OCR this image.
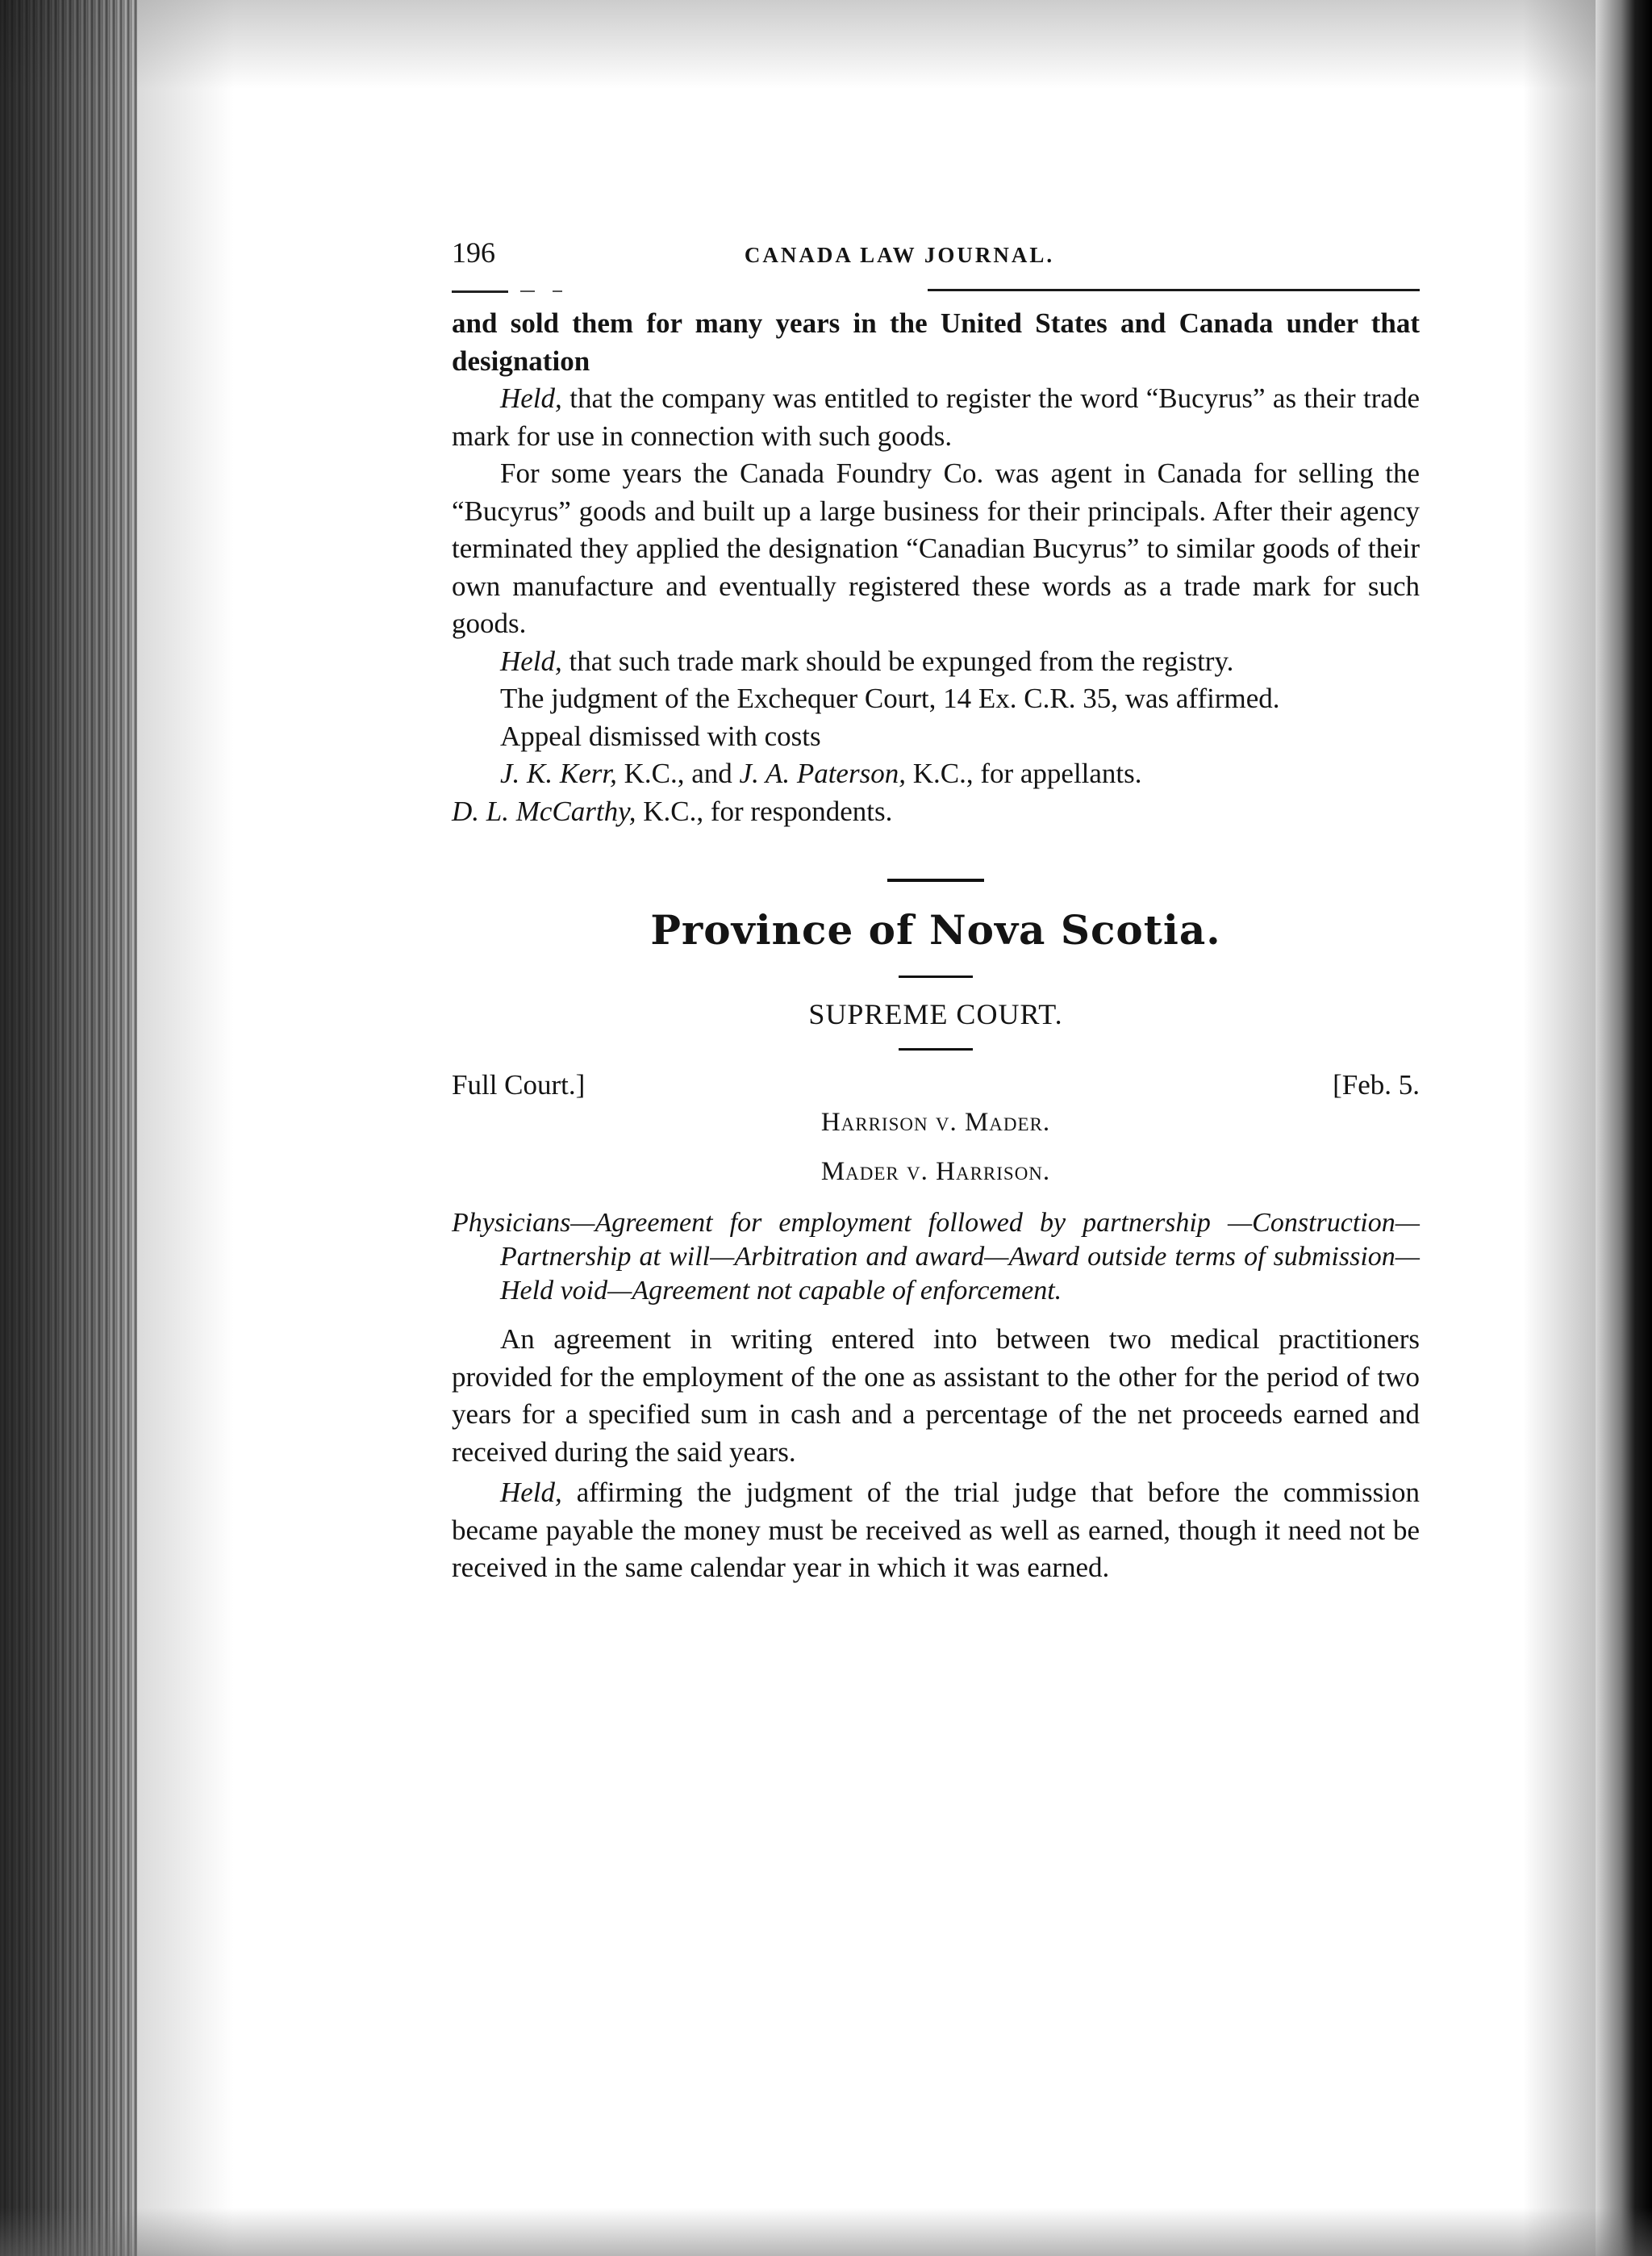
196	CANADA LAW JOURNAL.

and sold them for many years in the United States and Canada under that designation

Held, that the company was entitled to register the word “Bucyrus” as their trade mark for use in connection with such goods.

For some years the Canada Foundry Co. was agent in Canada for selling the “Bucyrus” goods and built up a large business for their principals. After their agency terminated they applied the designation “Canadian Bucyrus” to similar goods of their own manufacture and eventually registered these words as a trade mark for such goods.

Held, that such trade mark should be expunged from the registry.

The judgment of the Exchequer Court, 14 Ex. C.R. 35, was affirmed.

Appeal dismissed with costs

J. K. Kerr, K.C., and J. A. Paterson, K.C., for appellants.

D. L. McCarthy, K.C., for respondents.

Province of Nova Scotia.
SUPREME COURT.
Full Court.]	[Feb. 5.
Harrison v. Mader.
Mader v. Harrison.

Physicians—Agreement for employment followed by partnership —Construction—Partnership at will—Arbitration and award—Award outside terms of submission—Held void—Agreement not capable of enforcement.

An agreement in writing entered into between two medical practitioners provided for the employment of the one as assistant to the other for the period of two years for a specified sum in cash and a percentage of the net proceeds earned and received during the said years.

Held, affirming the judgment of the trial judge that before the commission became payable the money must be received as well as earned, though it need not be received in the same calendar year in which it was earned.
